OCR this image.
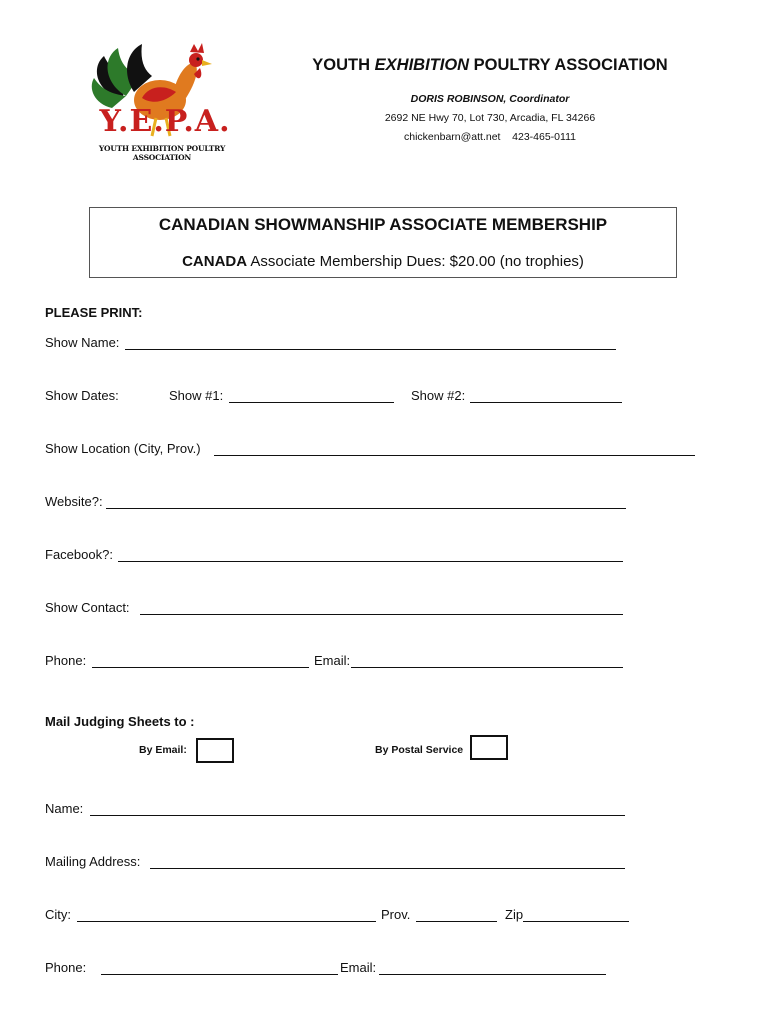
Y.E.P.A.
YOUTH EXHIBITION POULTRY ASSOCIATION
YOUTH EXHIBITION POULTRY ASSOCIATION
DORIS ROBINSON, Coordinator
2692 NE Hwy 70, Lot 730, Arcadia, FL 34266
chickenbarn@att.net 423-465-0111
CANADIAN SHOWMANSHIP ASSOCIATE MEMBERSHIP
CANADA Associate Membership Dues: $20.00 (no trophies)
PLEASE PRINT:
Show Name:
Show Dates:	Show #1:	Show #2:
Show Location (City, Prov.)
Website?:
Facebook?:
Show Contact:
Phone:	Email:
Mail Judging Sheets to :
By Email:	By Postal Service
Name:
Mailing Address:
City:	Prov.	Zip
Phone:	Email:
